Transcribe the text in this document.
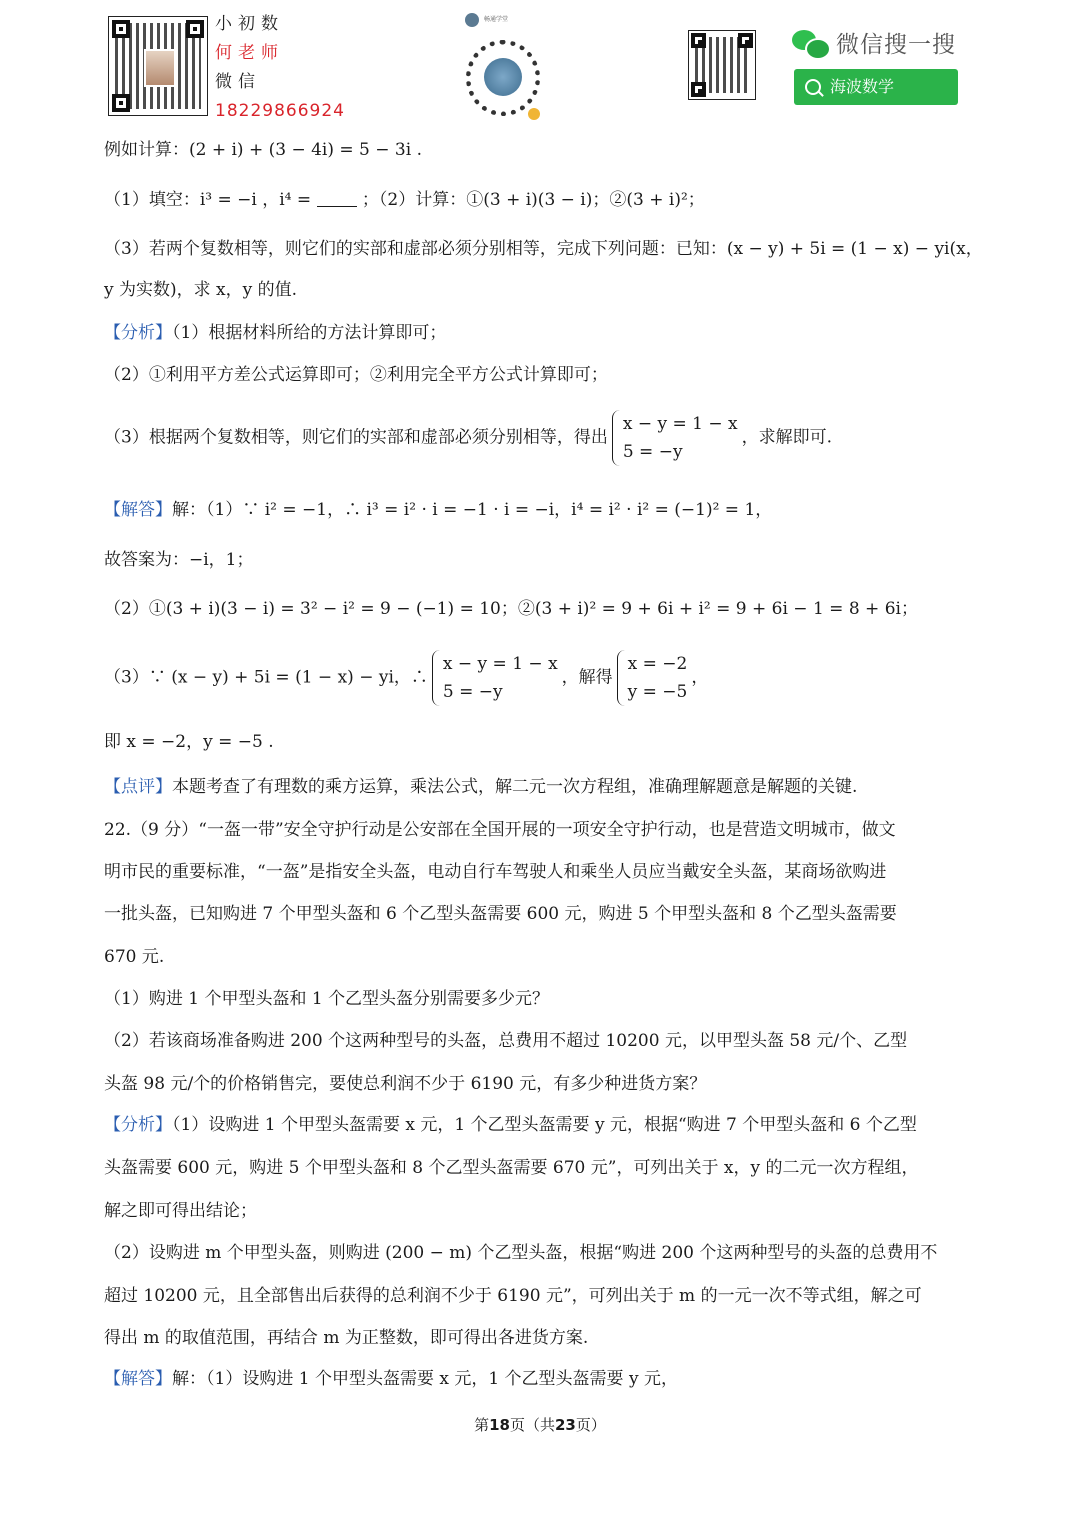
小初数
何老师
微信
18229866924
畅通学堂
微信搜一搜
海波数学
例如计算：(2 + i) + (3 − 4i) = 5 − 3i .
（1）填空：i³ = −i ，i⁴ =	；（2）计算：①(3 + i)(3 − i)；②(3 + i)²；
（3）若两个复数相等，则它们的实部和虚部必须分别相等，完成下列问题：已知：(x − y) + 5i = (1 − x) − yi(x，
y 为实数)，求 x，y 的值.
【分析】（1）根据材料所给的方法计算即可；
（2）①利用平方差公式运算即可；②利用完全平方公式计算即可；
（3）根据两个复数相等，则它们的实部和虚部必须分别相等，得出
x − y = 1 − x
5 = −y
，求解即可.
【解答】解：（1）∵ i² = −1，∴ i³ = i² · i = −1 · i = −i，i⁴ = i² · i² = (−1)² = 1，
故答案为：−i，1；
（2）①(3 + i)(3 − i) = 3² − i² = 9 − (−1) = 10；②(3 + i)² = 9 + 6i + i² = 9 + 6i − 1 = 8 + 6i；
（3）∵ (x − y) + 5i = (1 − x) − yi，∴
x − y = 1 − x
5 = −y
，解得
x = −2
y = −5
，
即 x = −2，y = −5 .
【点评】本题考查了有理数的乘方运算，乘法公式，解二元一次方程组，准确理解题意是解题的关键.
22.（9 分）“一盔一带”安全守护行动是公安部在全国开展的一项安全守护行动，也是营造文明城市，做文
明市民的重要标准，“一盔”是指安全头盔，电动自行车驾驶人和乘坐人员应当戴安全头盔，某商场欲购进
一批头盔，已知购进 7 个甲型头盔和 6 个乙型头盔需要 600 元，购进 5 个甲型头盔和 8 个乙型头盔需要
670 元.
（1）购进 1 个甲型头盔和 1 个乙型头盔分别需要多少元？
（2）若该商场准备购进 200 个这两种型号的头盔，总费用不超过 10200 元，以甲型头盔 58 元/个、乙型
头盔 98 元/个的价格销售完，要使总利润不少于 6190 元，有多少种进货方案？
【分析】（1）设购进 1 个甲型头盔需要 x 元，1 个乙型头盔需要 y 元，根据“购进 7 个甲型头盔和 6 个乙型
头盔需要 600 元，购进 5 个甲型头盔和 8 个乙型头盔需要 670 元”，可列出关于 x，y 的二元一次方程组，
解之即可得出结论；
（2）设购进 m 个甲型头盔，则购进 (200 − m) 个乙型头盔，根据“购进 200 个这两种型号的头盔的总费用不
超过 10200 元，且全部售出后获得的总利润不少于 6190 元”，可列出关于 m 的一元一次不等式组，解之可
得出 m 的取值范围，再结合 m 为正整数，即可得出各进货方案.
【解答】解：（1）设购进 1 个甲型头盔需要 x 元，1 个乙型头盔需要 y 元，
第18页（共23页）
